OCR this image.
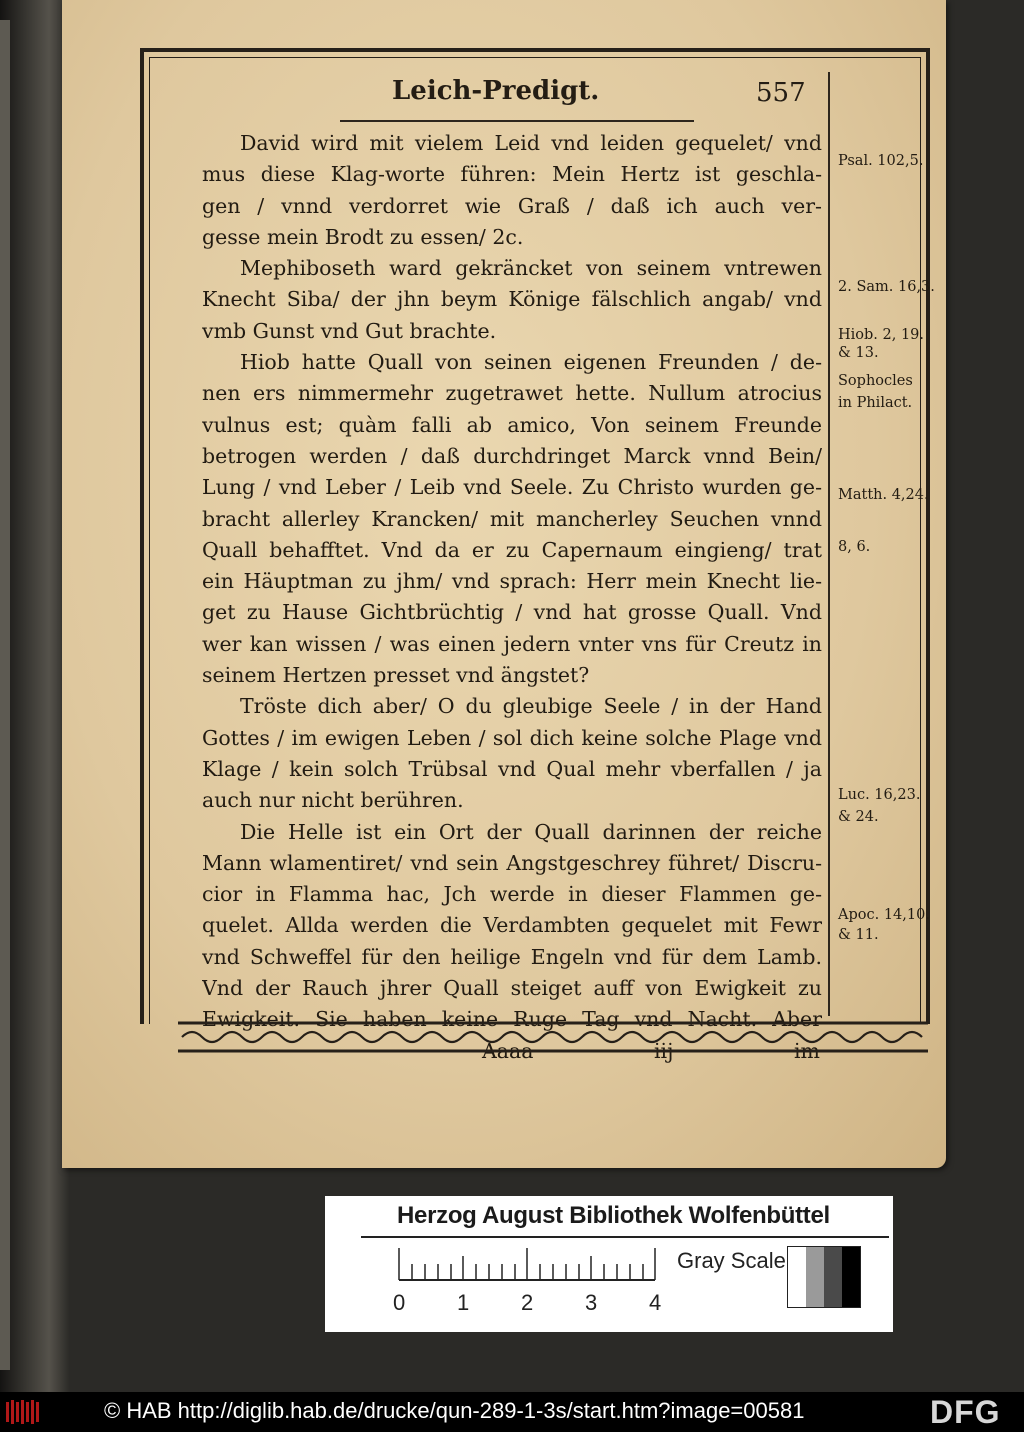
Leich-Predigt.	557
David wird mit vielem Leid vnd leiden gequelet/ vnd
mus diese Klag-worte führen: Mein Hertz ist geschla-
gen / vnnd verdorret wie Graß / daß ich auch ver-
gesse mein Brodt zu essen/ 2c.
Mephiboseth ward gekräncket von seinem vntrewen
Knecht Siba/ der jhn beym Könige fälschlich angab/ vnd
vmb Gunst vnd Gut brachte.
Hiob hatte Quall von seinen eigenen Freunden / de-
nen ers nimmermehr zugetrawet hette. Nullum atrocius
vulnus est; quàm falli ab amico, Von seinem Freunde
betrogen werden / daß durchdringet Marck vnnd Bein/
Lung / vnd Leber / Leib vnd Seele. Zu Christo wurden ge-
bracht allerley Krancken/ mit mancherley Seuchen vnnd
Quall behafftet. Vnd da er zu Capernaum eingieng/ trat
ein Häuptman zu jhm/ vnd sprach: Herr mein Knecht lie-
get zu Hause Gichtbrüchtig / vnd hat grosse Quall. Vnd
wer kan wissen / was einen jedern vnter vns für Creutz in
seinem Hertzen presset vnd ängstet?
Tröste dich aber/ O du gleubige Seele / in der Hand
Gottes / im ewigen Leben / sol dich keine solche Plage vnd
Klage / kein solch Trübsal vnd Qual mehr vberfallen / ja
auch nur nicht berühren.
Die Helle ist ein Ort der Quall darinnen der reiche
Mann wlamentiret/ vnd sein Angstgeschrey führet/ Discru-
cior in Flamma hac, Jch werde in dieser Flammen ge-
quelet. Allda werden die Verdambten gequelet mit Fewr
vnd Schweffel für den heilige Engeln vnd für dem Lamb.
Vnd der Rauch jhrer Quall steiget auff von Ewigkeit zu
Ewigkeit. Sie haben keine Ruge Tag vnd Nacht. Aber
Aaaa iij im
Psal. 102,5.
2. Sam. 16,3.
Hiob. 2, 19.
& 13.
Sophocles
in Philact.
Matth. 4,24.
8, 6.
Luc. 16,23.
& 24.
Apoc. 14,10.
& 11.
Herzog August Bibliothek Wolfenbüttel
0 1 2 3 4
Gray Scale
© HAB http://diglib.hab.de/drucke/qun-289-1-3s/start.htm?image=00581	DFG
